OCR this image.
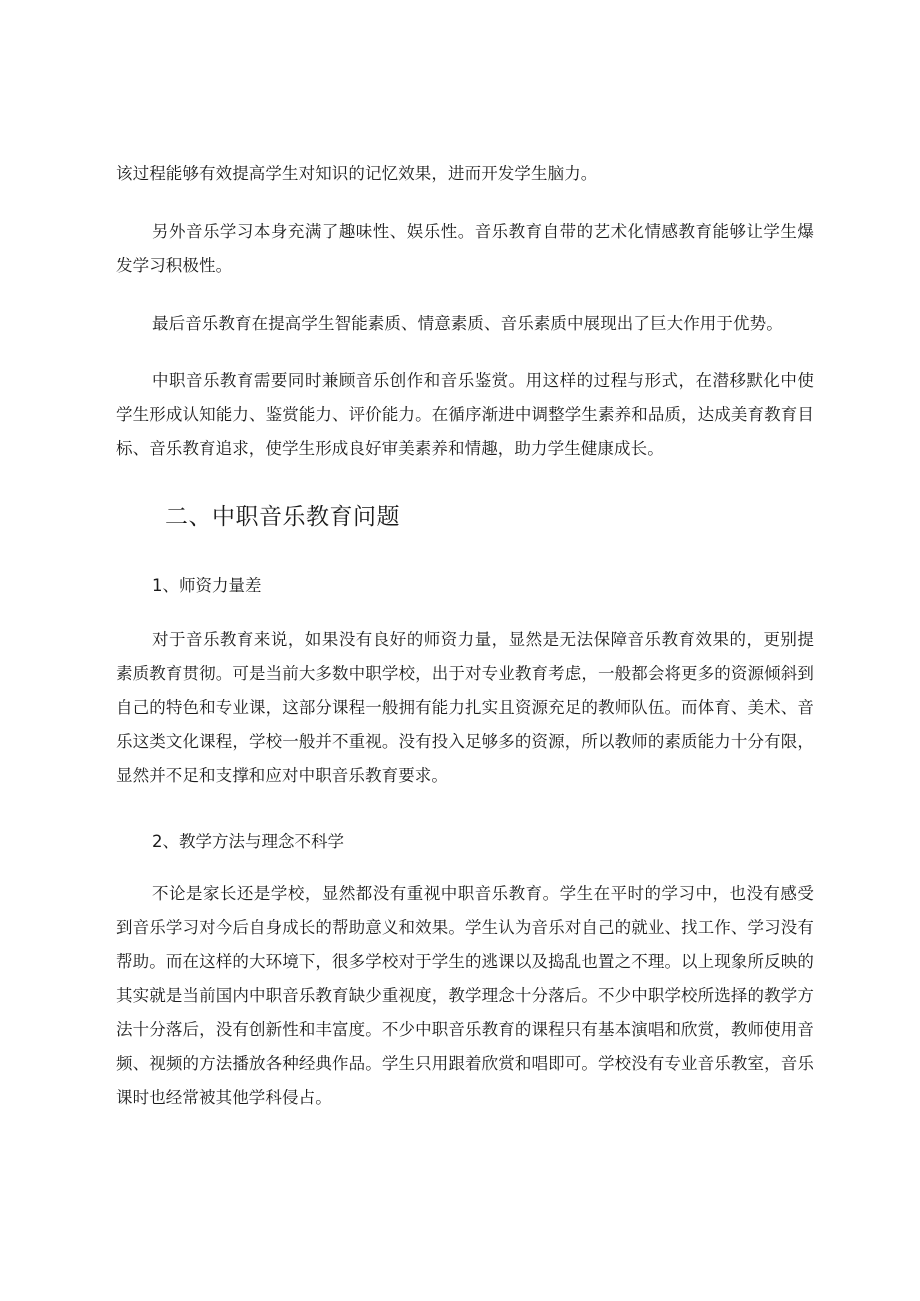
该过程能够有效提高学生对知识的记忆效果，进而开发学生脑力。

另外音乐学习本身充满了趣味性、娱乐性。音乐教育自带的艺术化情感教育能够让学生爆发学习积极性。

最后音乐教育在提高学生智能素质、情意素质、音乐素质中展现出了巨大作用于优势。

中职音乐教育需要同时兼顾音乐创作和音乐鉴赏。用这样的过程与形式，在潜移默化中使学生形成认知能力、鉴赏能力、评价能力。在循序渐进中调整学生素养和品质，达成美育教育目标、音乐教育追求，使学生形成良好审美素养和情趣，助力学生健康成长。

二、中职音乐教育问题

1、师资力量差

对于音乐教育来说，如果没有良好的师资力量，显然是无法保障音乐教育效果的，更别提素质教育贯彻。可是当前大多数中职学校，出于对专业教育考虑，一般都会将更多的资源倾斜到自己的特色和专业课，这部分课程一般拥有能力扎实且资源充足的教师队伍。而体育、美术、音乐这类文化课程，学校一般并不重视。没有投入足够多的资源，所以教师的素质能力十分有限，显然并不足和支撑和应对中职音乐教育要求。

2、教学方法与理念不科学

不论是家长还是学校，显然都没有重视中职音乐教育。学生在平时的学习中，也没有感受到音乐学习对今后自身成长的帮助意义和效果。学生认为音乐对自己的就业、找工作、学习没有帮助。而在这样的大环境下，很多学校对于学生的逃课以及捣乱也置之不理。以上现象所反映的其实就是当前国内中职音乐教育缺少重视度，教学理念十分落后。不少中职学校所选择的教学方法十分落后，没有创新性和丰富度。不少中职音乐教育的课程只有基本演唱和欣赏，教师使用音频、视频的方法播放各种经典作品。学生只用跟着欣赏和唱即可。学校没有专业音乐教室，音乐课时也经常被其他学科侵占。
